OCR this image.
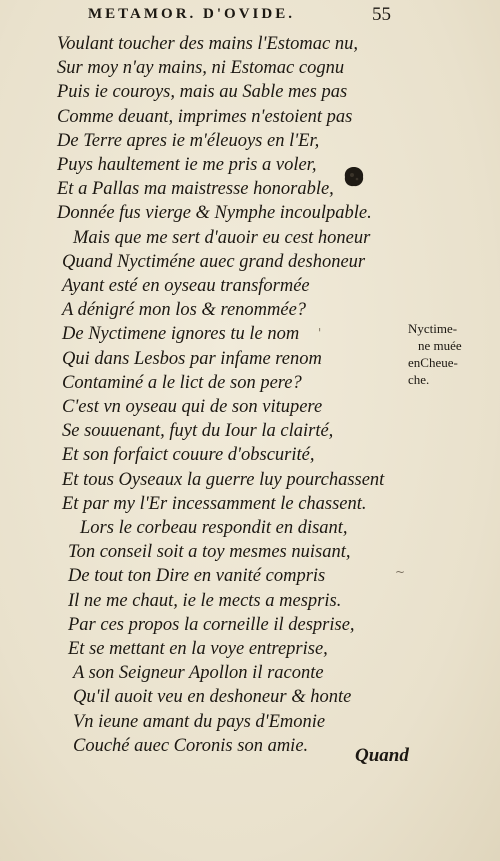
METAMOR. D'OVIDE.	55
Voulant toucher des mains l'Estomac nu,
Sur moy n'ay mains, ni Estomac cognu
Puis ie couroys, mais au Sable mes pas
Comme deuant, imprimes n'estoient pas
De Terre apres ie m'éleuoys en l'Er,
Puys haultement ie me pris a voler,
Et a Pallas ma maistresse honorable,
Donnée fus vierge & Nymphe incoulpable.
Mais que me sert d'auoir eu cest honeur
Quand Nyctiméne auec grand deshoneur
Ayant esté en oyseau transformée
A dénigré mon los & renommée?
De Nyctimene ignores tu le nom
Qui dans Lesbos par infame renom
Contaminé a le lict de son pere?
C'est vn oyseau qui de son vitupere
Se souuenant, fuyt du Iour la clairté,
Et son forfaict couure d'obscurité,
Et tous Oyseaux la guerre luy pourchassent
Et par my l'Er incessamment le chassent.
Lors le corbeau respondit en disant,
Ton conseil soit a toy mesmes nuisant,
De tout ton Dire en vanité compris
Il ne me chaut, ie le mects a mespris.
Par ces propos la corneille il desprise,
Et se mettant en la voye entreprise,
A son Seigneur Apollon il raconte
Qu'il auoit veu en deshoneur & honte
Vn ieune amant du pays d'Emonie
Couché auec Coronis son amie.
Nyctime-
ne muée
enCheue-
che.
Quand
'
~
